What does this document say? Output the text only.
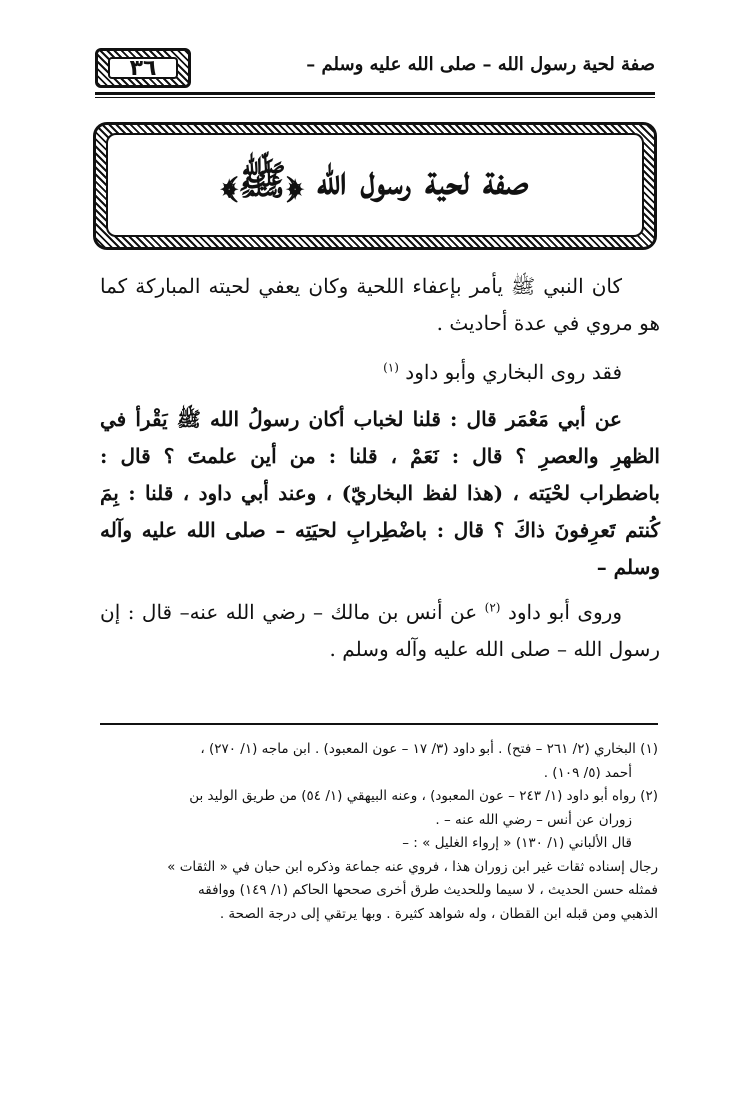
٣٦	صفة لحية رسول الله – صلى الله عليه وسلم –
صفة لحية رسول الله ﴿ﷺ﴾

كان النبي ﷺ يأمر بإعفاء اللحية وكان يعفي لحيته المباركة كما هو مروي في عدة أحاديث .

فقد روى البخاري وأبو داود $^{(١)}$

عن أبي مَعْمَر قال : قلنا لخباب أكان رسولُ الله ﷺ يَقْرأ في الظهرِ والعصرِ ؟ قال : نَعَمْ ، قلنا : من أين علمتَ ؟ قال : باضطراب لحْيَته ، (هذا لفظ البخاريّ) ، وعند أبي داود ، قلنا : بِمَ كُنتم تَعرِفونَ ذاكَ ؟ قال : باضْطِرابِ لحيَتِه – صلى الله عليه وآله وسلم –

وروى أبو داود $^{(٢)}$ عن أنس بن مالك – رضي الله عنه– قال : إن رسول الله – صلى الله عليه وآله وسلم .

(١) البخاري (٢/ ٢٦١ – فتح) . أبو داود (٣/ ١٧ – عون المعبود) . ابن ماجه (١/ ٢٧٠) ،

أحمد (٥/ ١٠٩) .

(٢) رواه أبو داود (١/ ٢٤٣ – عون المعبود) ، وعنه البيهقي (١/ ٥٤) من طريق الوليد بن

زوران عن أنس – رضي الله عنه – .

قال الألباني (١/ ١٣٠) « إرواء الغليل » : –

رجال إسناده ثقات غير ابن زوران هذا ، فروي عنه جماعة وذكره ابن حبان في « الثقات »

فمثله حسن الحديث ، لا سيما وللحديث طرق أخرى صححها الحاكم (١/ ١٤٩) ووافقه

الذهبي ومن قبله ابن القطان ، وله شواهد كثيرة . وبها يرتقي إلى درجة الصحة .
